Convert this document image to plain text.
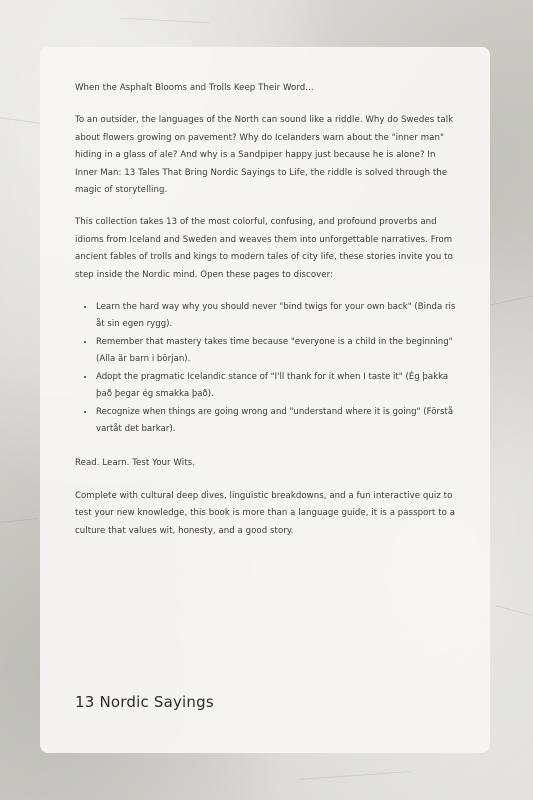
When the Asphalt Blooms and Trolls Keep Their Word...

To an outsider, the languages of the North can sound like a riddle. Why do Swedes talk about flowers growing on pavement? Why do Icelanders warn about the "inner man" hiding in a glass of ale? And why is a Sandpiper happy just because he is alone? In Inner Man: 13 Tales That Bring Nordic Sayings to Life, the riddle is solved through the magic of storytelling.

This collection takes 13 of the most colorful, confusing, and profound proverbs and idioms from Iceland and Sweden and weaves them into unforgettable narratives. From ancient fables of trolls and kings to modern tales of city life, these stories invite you to step inside the Nordic mind. Open these pages to discover:

• Learn the hard way why you should never "bind twigs for your own back" (Binda ris åt sin egen rygg).
• Remember that mastery takes time because "everyone is a child in the beginning" (Alla är barn i början).
• Adopt the pragmatic Icelandic stance of "I'll thank for it when I taste it" (Ég þakka það þegar ég smakka það).
• Recognize when things are going wrong and "understand where it is going" (Förstå vartåt det barkar).

Read. Learn. Test Your Wits.

Complete with cultural deep dives, linguistic breakdowns, and a fun interactive quiz to test your new knowledge, this book is more than a language guide, it is a passport to a culture that values wit, honesty, and a good story.

13 Nordic Sayings
